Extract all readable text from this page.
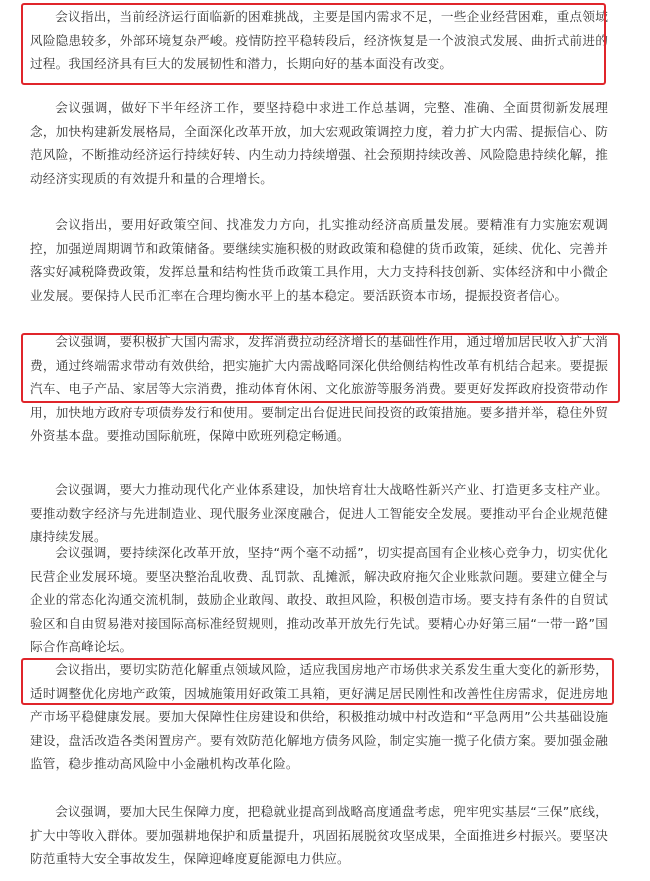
会议指出，当前经济运行面临新的困难挑战，主要是国内需求不足，一些企业经营困难，重点领域风险隐患较多，外部环境复杂严峻。疫情防控平稳转段后，经济恢复是一个波浪式发展、曲折式前进的过程。我国经济具有巨大的发展韧性和潜力，长期向好的基本面没有改变。

会议强调，做好下半年经济工作，要坚持稳中求进工作总基调，完整、准确、全面贯彻新发展理念，加快构建新发展格局，全面深化改革开放，加大宏观政策调控力度，着力扩大内需、提振信心、防范风险，不断推动经济运行持续好转、内生动力持续增强、社会预期持续改善、风险隐患持续化解，推动经济实现质的有效提升和量的合理增长。

会议指出，要用好政策空间、找准发力方向，扎实推动经济高质量发展。要精准有力实施宏观调控，加强逆周期调节和政策储备。要继续实施积极的财政政策和稳健的货币政策，延续、优化、完善并落实好减税降费政策，发挥总量和结构性货币政策工具作用，大力支持科技创新、实体经济和中小微企业发展。要保持人民币汇率在合理均衡水平上的基本稳定。要活跃资本市场，提振投资者信心。

会议强调，要积极扩大国内需求，发挥消费拉动经济增长的基础性作用，通过增加居民收入扩大消费，通过终端需求带动有效供给，把实施扩大内需战略同深化供给侧结构性改革有机结合起来。要提振汽车、电子产品、家居等大宗消费，推动体育休闲、文化旅游等服务消费。要更好发挥政府投资带动作用，加快地方政府专项债券发行和使用。要制定出台促进民间投资的政策措施。要多措并举，稳住外贸外资基本盘。要推动国际航班，保障中欧班列稳定畅通。

会议强调，要大力推动现代化产业体系建设，加快培育壮大战略性新兴产业、打造更多支柱产业。要推动数字经济与先进制造业、现代服务业深度融合，促进人工智能安全发展。要推动平台企业规范健康持续发展。

会议强调，要持续深化改革开放，坚持“两个毫不动摇”，切实提高国有企业核心竞争力，切实优化民营企业发展环境。要坚决整治乱收费、乱罚款、乱摊派，解决政府拖欠企业账款问题。要建立健全与企业的常态化沟通交流机制，鼓励企业敢闯、敢投、敢担风险，积极创造市场。要支持有条件的自贸试验区和自由贸易港对接国际高标准经贸规则，推动改革开放先行先试。要精心办好第三届“一带一路”国际合作高峰论坛。

会议指出，要切实防范化解重点领域风险，适应我国房地产市场供求关系发生重大变化的新形势，适时调整优化房地产政策，因城施策用好政策工具箱，更好满足居民刚性和改善性住房需求，促进房地产市场平稳健康发展。要加大保障性住房建设和供给，积极推动城中村改造和“平急两用”公共基础设施建设，盘活改造各类闲置房产。要有效防范化解地方债务风险，制定实施一揽子化债方案。要加强金融监管，稳步推动高风险中小金融机构改革化险。

会议强调，要加大民生保障力度，把稳就业提高到战略高度通盘考虑，兜牢兜实基层“三保”底线，扩大中等收入群体。要加强耕地保护和质量提升，巩固拓展脱贫攻坚成果，全面推进乡村振兴。要坚决防范重特大安全事故发生，保障迎峰度夏能源电力供应。
